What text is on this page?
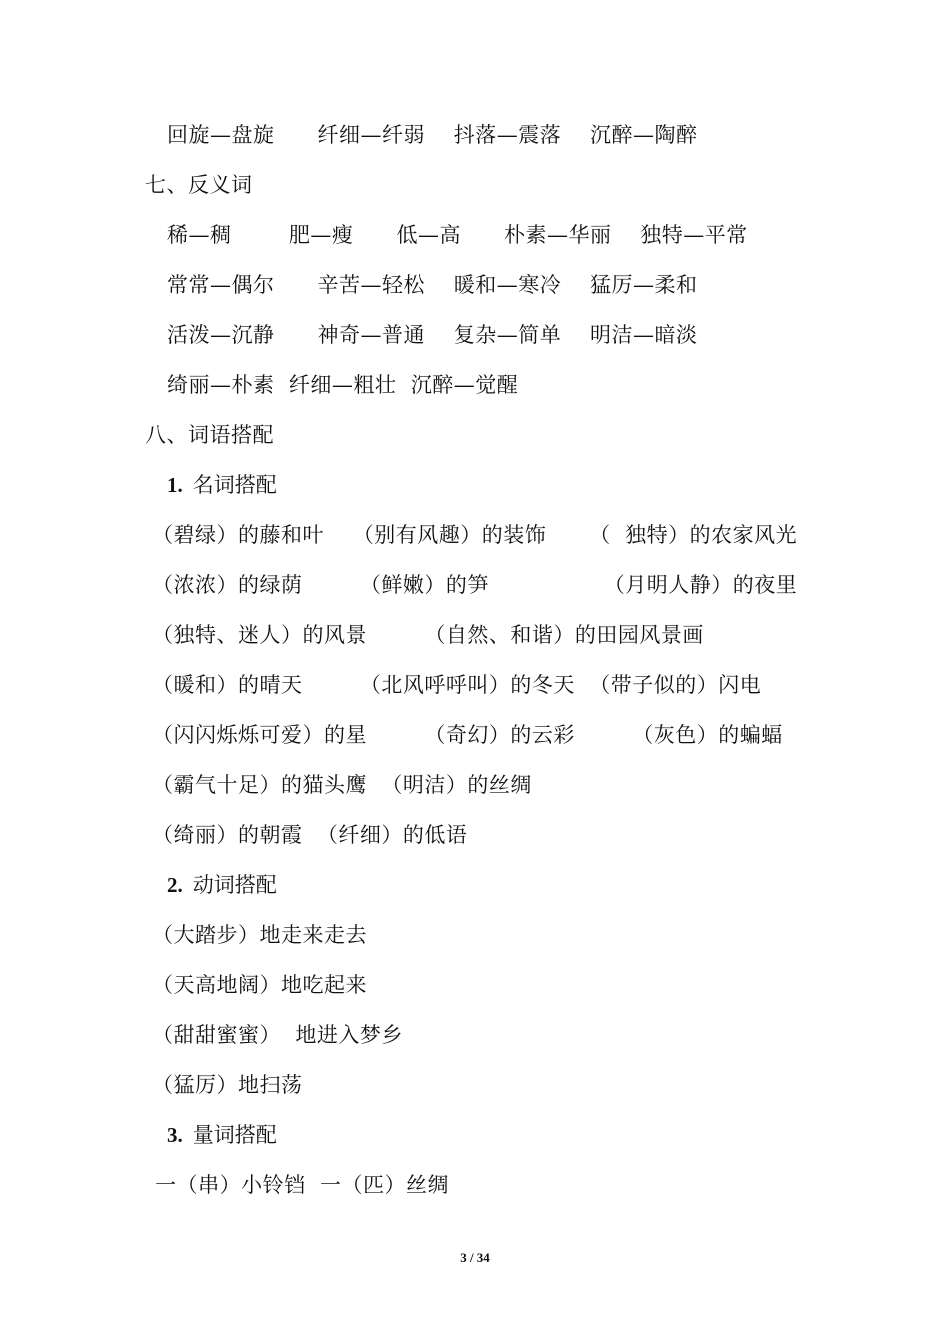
回旋—盘旋      纤细—纤弱    抖落—震落    沉醉—陶醉
七、反义词
稀—稠        肥—瘦      低—高      朴素—华丽    独特—平常
常常—偶尔      辛苦—轻松    暖和—寒冷    猛厉—柔和
活泼—沉静      神奇—普通    复杂—简单    明洁—暗淡
绮丽—朴素  纤细—粗壮  沉醉—觉醒
八、词语搭配
1. 名词搭配
（碧绿）的藤和叶    （别有风趣）的装饰      （  独特）的农家风光
（浓浓）的绿荫        （鲜嫩）的笋                （月明人静）的夜里
（独特、迷人）的风景        （自然、和谐）的田园风景画
（暖和）的晴天        （北风呼呼叫）的冬天  （带子似的）闪电
（闪闪烁烁可爱）的星        （奇幻）的云彩        （灰色）的蝙蝠
（霸气十足）的猫头鹰  （明洁）的丝绸
（绮丽）的朝霞  （纤细）的低语
2. 动词搭配
（大踏步）地走来走去
（天高地阔）地吃起来
（甜甜蜜蜜）  地进入梦乡
（猛厉）地扫荡
3. 量词搭配
一（串）小铃铛  一（匹）丝绸
3 / 34
